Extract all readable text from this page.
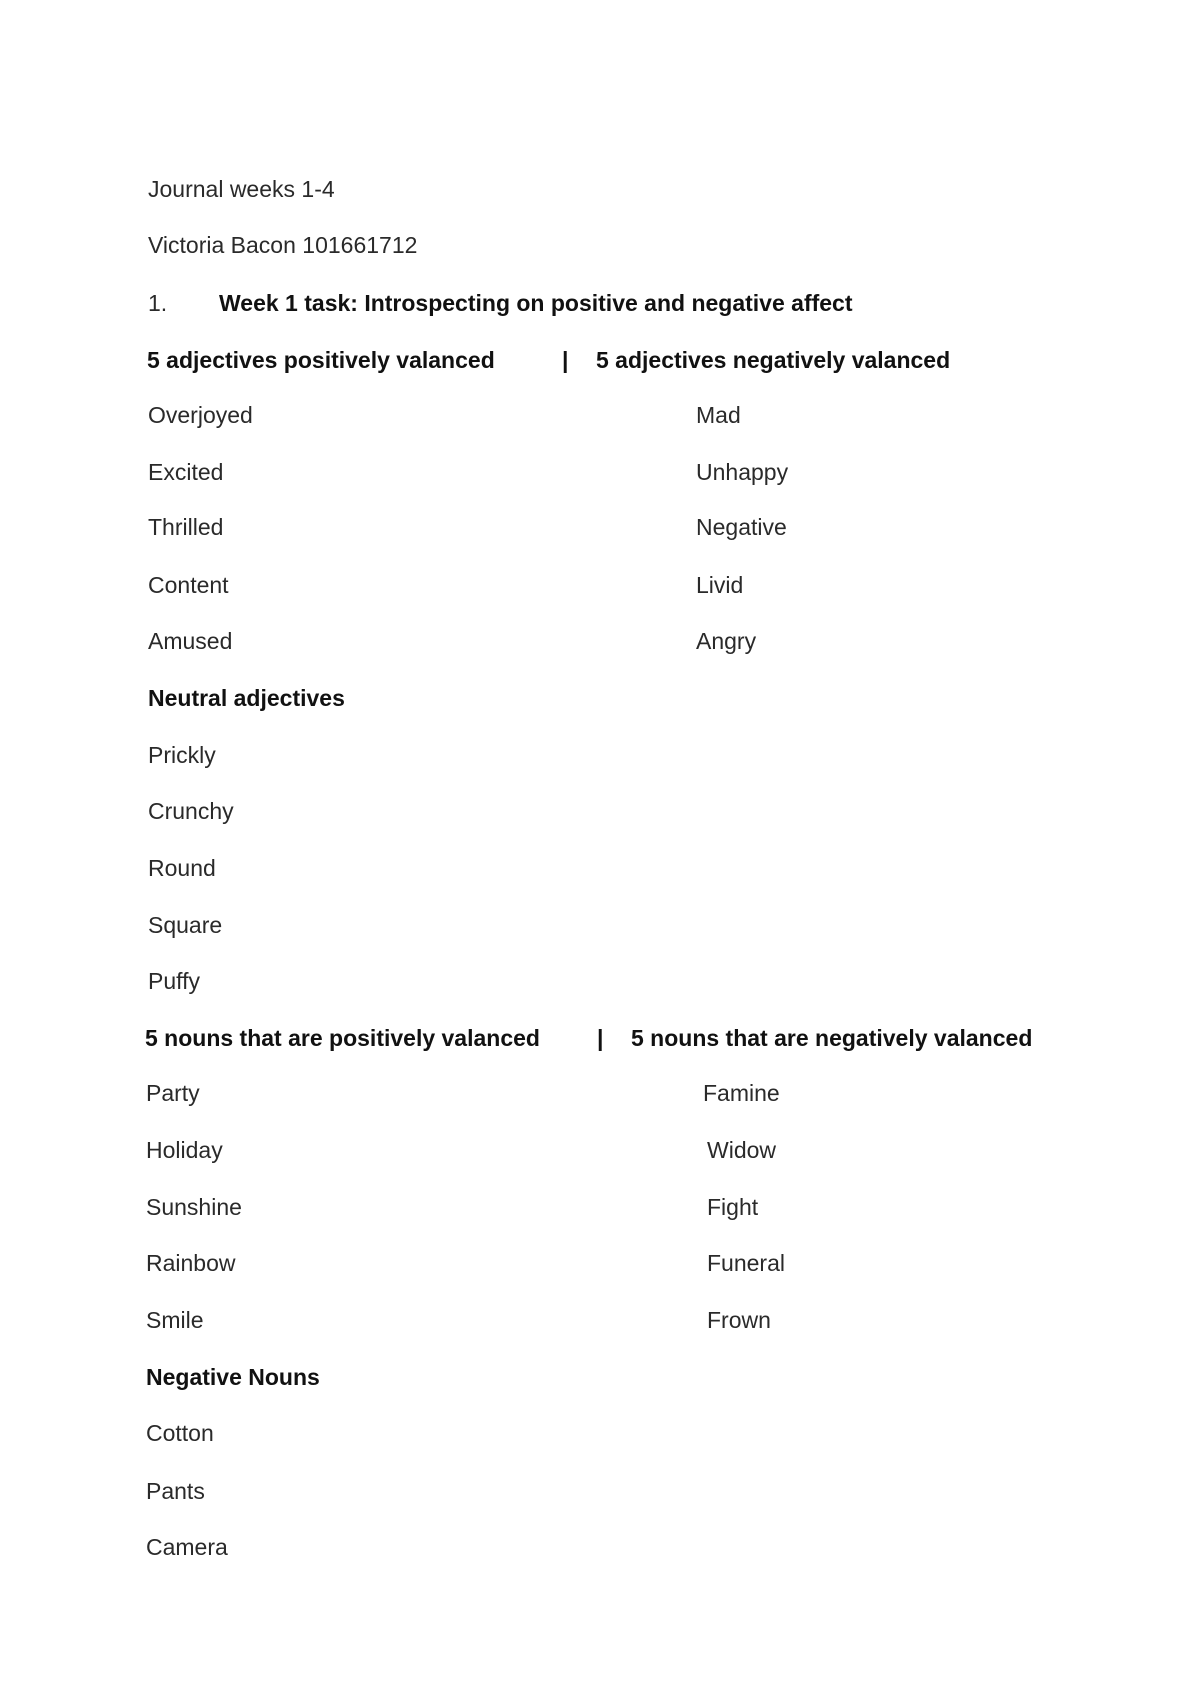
Journal weeks 1-4
Victoria Bacon 101661712
1. Week 1 task: Introspecting on positive and negative affect
5 adjectives positively valanced	| 5 adjectives negatively valanced
Overjoyed
Excited
Thrilled
Content
Amused
Mad
Unhappy
Negative
Livid
Angry
Neutral adjectives
Prickly
Crunchy
Round
Square
Puffy
5 nouns that are positively valanced | 5 nouns that are negatively valanced
Party
Holiday
Sunshine
Rainbow
Smile
Famine
Widow
Fight
Funeral
Frown
Negative Nouns
Cotton
Pants
Camera
